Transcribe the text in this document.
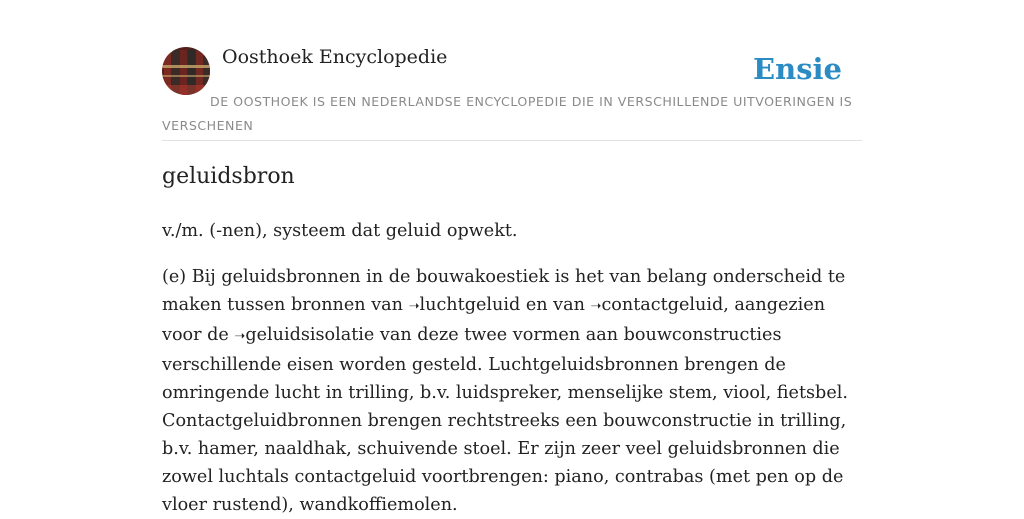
Oosthoek Encyclopedie	Ensie

DE OOSTHOEK IS EEN NEDERLANDSE ENCYCLOPEDIE DIE IN VERSCHILLENDE UITVOERINGEN IS VERSCHENEN

geluidsbron

v./m. (-nen), systeem dat geluid opwekt.

(e) Bij geluidsbronnen in de bouwakoestiek is het van belang onderscheid te maken tussen bronnen van ➝luchtgeluid en van ➝contactgeluid, aangezien voor de ➝geluidsisolatie van deze twee vormen aan bouwconstructies verschillende eisen worden gesteld. Luchtgeluidsbronnen brengen de omringende lucht in trilling, b.v. luidspreker, menselijke stem, viool, fietsbel. Contactgeluidbronnen brengen rechtstreeks een bouwconstructie in trilling, b.v. hamer, naaldhak, schuivende stoel. Er zijn zeer veel geluidsbronnen die zowel luchtals contactgeluid voortbrengen: piano, contrabas (met pen op de vloer rustend), wandkoffiemolen.
